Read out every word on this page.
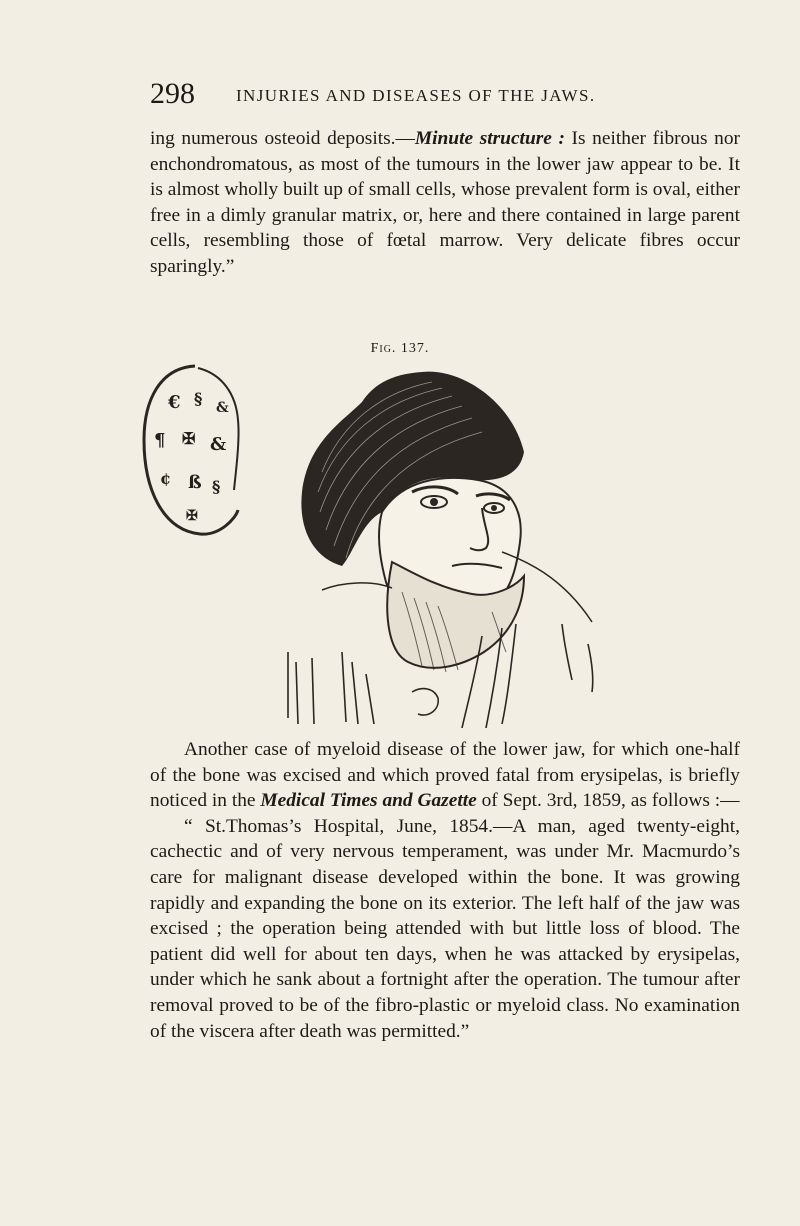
298 INJURIES AND DISEASES OF THE JAWS.

ing numerous osteoid deposits.—Minute structure : Is neither fibrous nor enchondromatous, as most of the tumours in the lower jaw appear to be. It is almost wholly built up of small cells, whose prevalent form is oval, either free in a dimly granular matrix, or, here and there contained in large parent cells, resembling those of fœtal marrow. Very delicate fibres occur sparingly.”

Fig. 137.
€ § &
¶ ✠ &
¢ ß §
✠

Another case of myeloid disease of the lower jaw, for which one-half of the bone was excised and which proved fatal from erysipelas, is briefly noticed in the Medical Times and Gazette of Sept. 3rd, 1859, as follows :—

“ St.Thomas’s Hospital, June, 1854.—A man, aged twenty-eight, cachectic and of very nervous temperament, was under Mr. Macmurdo’s care for malignant disease developed within the bone. It was growing rapidly and expanding the bone on its exterior. The left half of the jaw was excised ; the operation being attended with but little loss of blood. The patient did well for about ten days, when he was attacked by erysipelas, under which he sank about a fortnight after the operation. The tumour after removal proved to be of the fibro-plastic or myeloid class. No examination of the viscera after death was permitted.”
